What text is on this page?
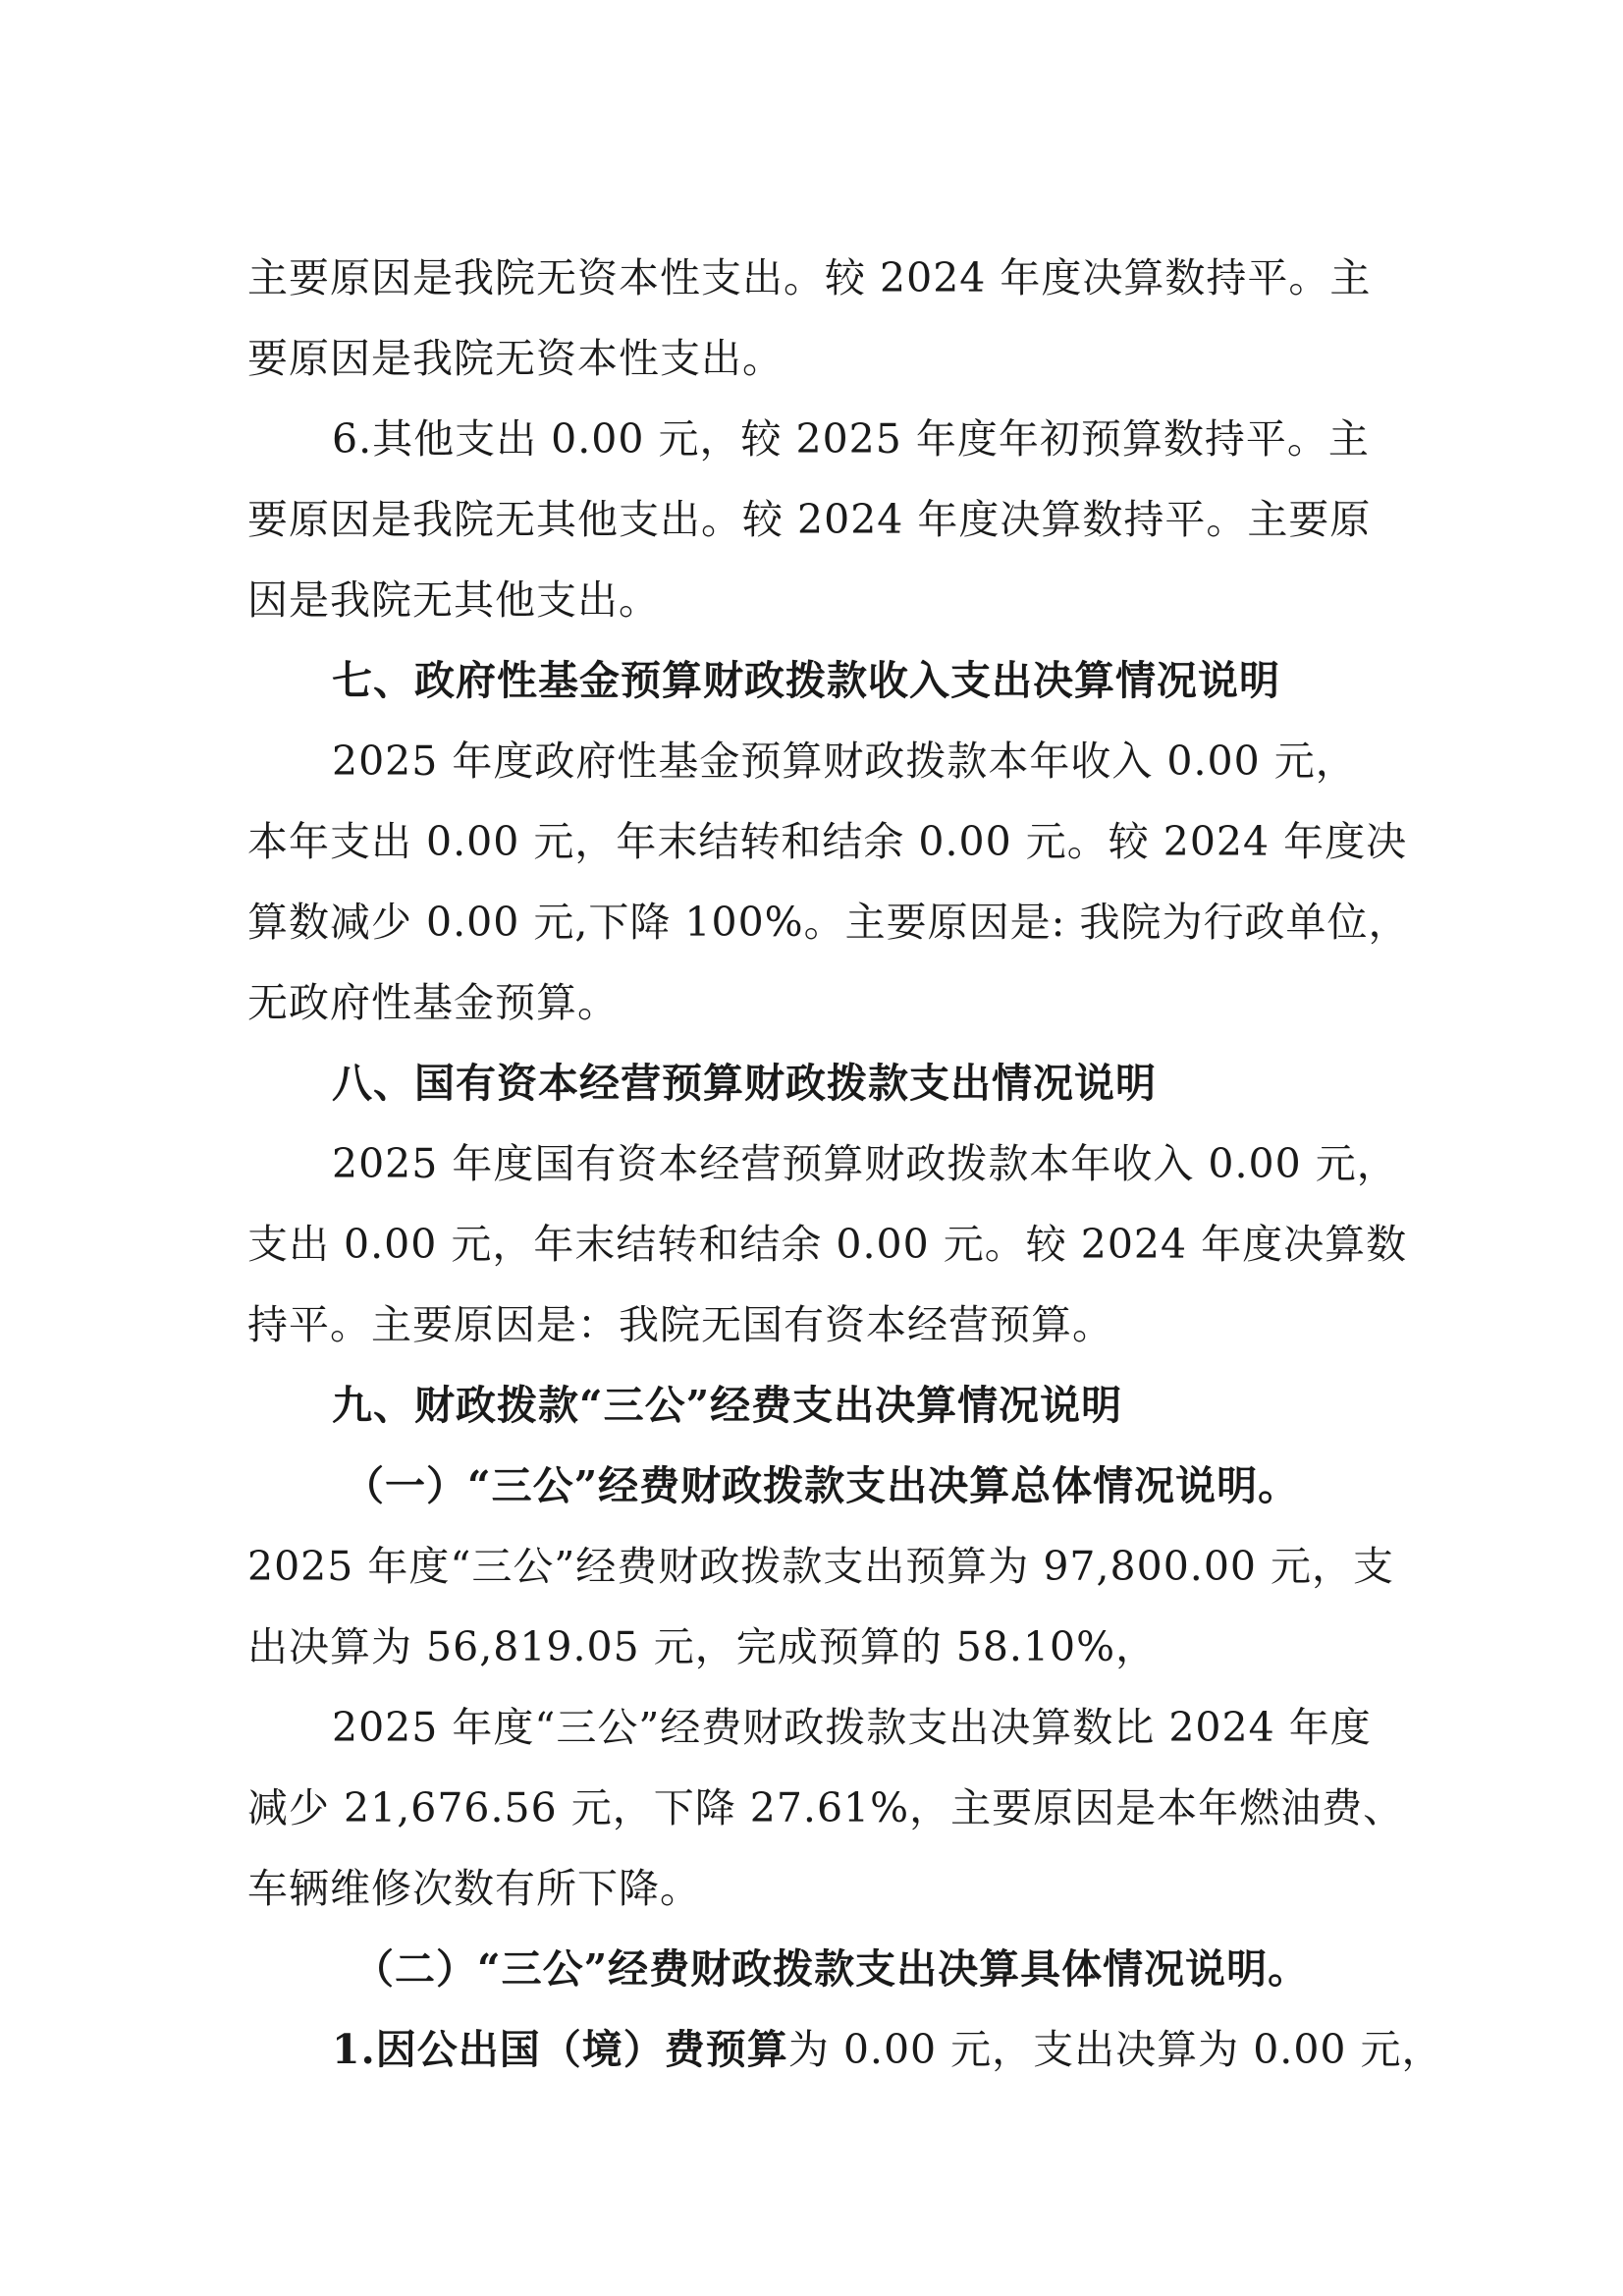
主要原因是我院无资本性支出。较 2024 年度决算数持平。主
要原因是我院无资本性支出。
6.其他支出 0.00 元，较 2025 年度年初预算数持平。主
要原因是我院无其他支出。较 2024 年度决算数持平。主要原
因是我院无其他支出。
七、政府性基金预算财政拨款收入支出决算情况说明
2025 年度政府性基金预算财政拨款本年收入 0.00 元，
本年支出 0.00 元，年末结转和结余 0.00 元。较 2024 年度决
算数减少 0.00 元,下降 100%。主要原因是: 我院为行政单位，
无政府性基金预算。
八、国有资本经营预算财政拨款支出情况说明
2025 年度国有资本经营预算财政拨款本年收入 0.00 元，
支出 0.00 元，年末结转和结余 0.00 元。较 2024 年度决算数
持平。主要原因是：我院无国有资本经营预算。
九、财政拨款“三公”经费支出决算情况说明
（一）“三公”经费财政拨款支出决算总体情况说明。
2025 年度“三公”经费财政拨款支出预算为 97,800.00 元，支
出决算为 56,819.05 元，完成预算的 58.10%，
2025 年度“三公”经费财政拨款支出决算数比 2024 年度
减少 21,676.56 元，下降 27.61%，主要原因是本年燃油费、
车辆维修次数有所下降。
（二）“三公”经费财政拨款支出决算具体情况说明。
1.因公出国（境）费预算为 0.00 元，支出决算为 0.00 元，
